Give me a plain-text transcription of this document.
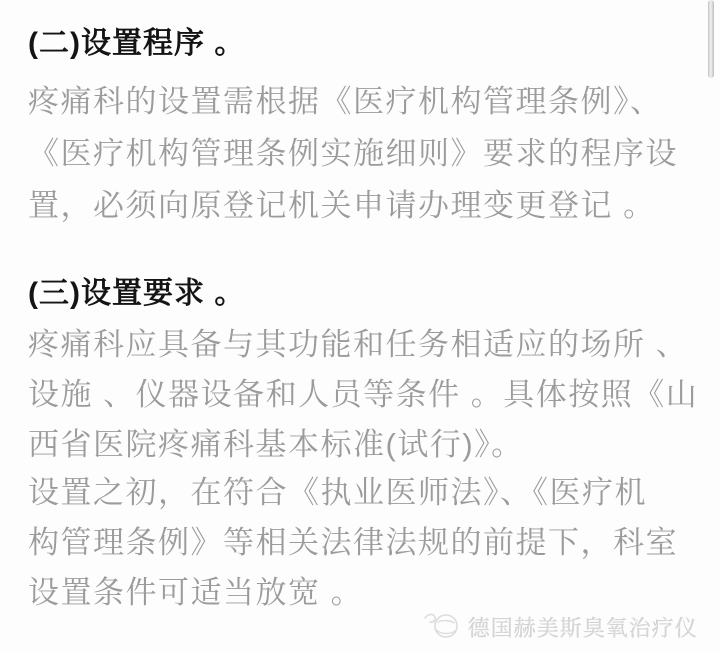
(二)设置程序 。
疼痛科的设置需根据《医疗机构管理条例》、
《医疗机构管理条例实施细则》要求的程序设
置，必须向原登记机关申请办理变更登记 。
(三)设置要求 。
疼痛科应具备与其功能和任务相适应的场所 、
设施 、仪器设备和人员等条件 。具体按照《山
西省医院疼痛科基本标准(试行)》。
设置之初，在符合《执业医师法》、《医疗机
构管理条例》等相关法律法规的前提下，科室
设置条件可适当放宽 。
德国赫美斯臭氧治疗仪
